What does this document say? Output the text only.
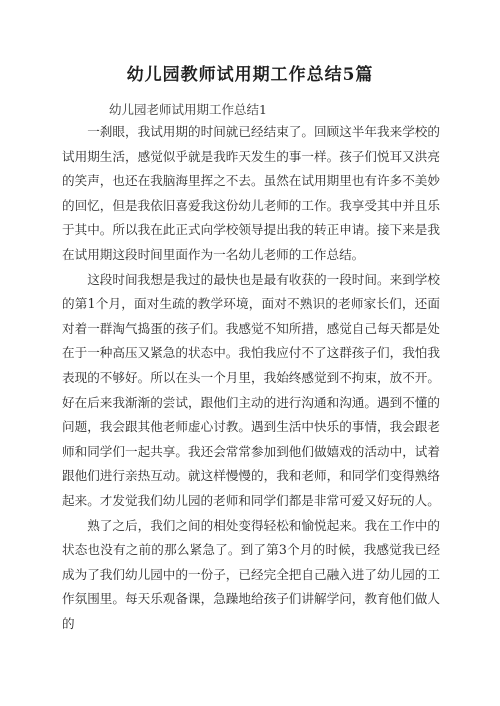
幼儿园教师试用期工作总结5篇
幼儿园老师试用期工作总结1

一刹眼，我试用期的时间就已经结束了。回顾这半年我来学校的试用期生活，感觉似乎就是我昨天发生的事一样。孩子们悦耳又洪亮的笑声，也还在我脑海里挥之不去。虽然在试用期里也有许多不美妙的回忆，但是我依旧喜爱我这份幼儿老师的工作。我享受其中并且乐于其中。所以我在此正式向学校领导提出我的转正申请。接下来是我在试用期这段时间里面作为一名幼儿老师的工作总结。

这段时间我想是我过的最快也是最有收获的一段时间。来到学校的第1个月，面对生疏的教学环境，面对不熟识的老师家长们，还面对着一群淘气捣蛋的孩子们。我感觉不知所措，感觉自己每天都是处在于一种高压又紧急的状态中。我怕我应付不了这群孩子们，我怕我表现的不够好。所以在头一个月里，我始终感觉到不拘束，放不开。好在后来我渐渐的尝试，跟他们主动的进行沟通和沟通。遇到不懂的问题，我会跟其他老师虚心讨教。遇到生活中快乐的事情，我会跟老师和同学们一起共享。我还会常常参加到他们做嬉戏的活动中，试着跟他们进行亲热互动。就这样慢慢的，我和老师，和同学们变得熟络起来。才发觉我们幼儿园的老师和同学们都是非常可爱又好玩的人。

熟了之后，我们之间的相处变得轻松和愉悦起来。我在工作中的状态也没有之前的那么紧急了。到了第3个月的时候，我感觉我已经成为了我们幼儿园中的一份子，已经完全把自己融入进了幼儿园的工作氛围里。每天乐观备课，急躁地给孩子们讲解学问，教育他们做人的
